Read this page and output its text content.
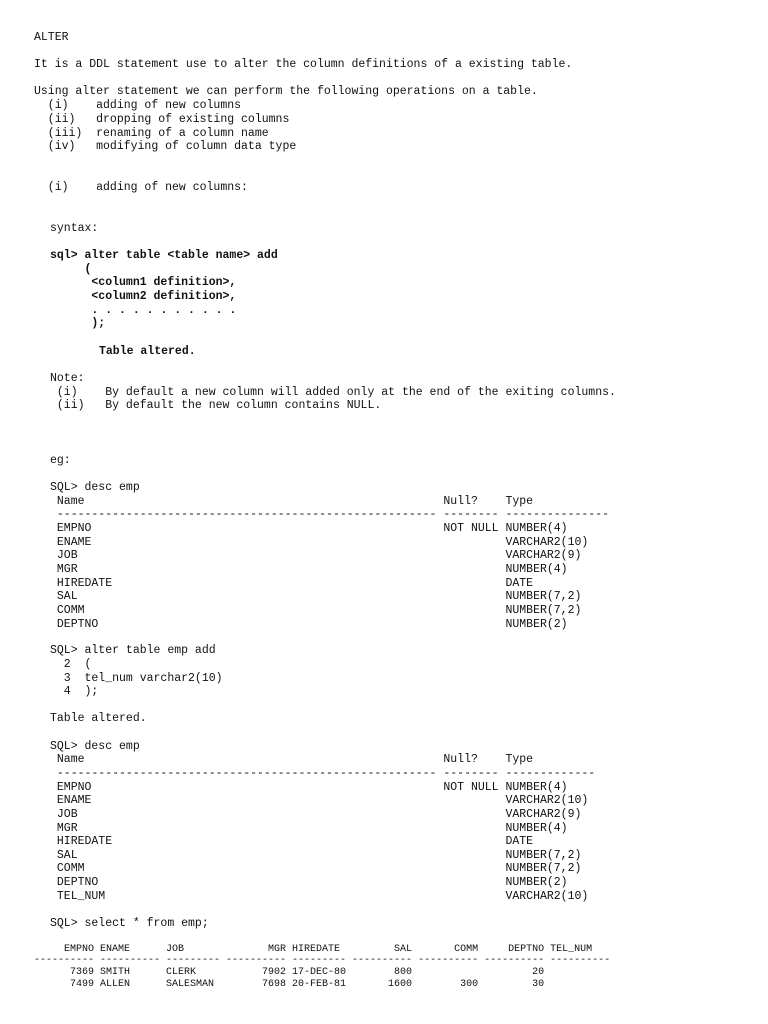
ALTER
It is a DDL statement use to alter the column definitions of a existing table.
Using alter statement we can perform the following operations on a table.
(i)    adding of new columns
(ii)   dropping of existing columns
(iii)  renaming of a column name
(iv)   modifying of column data type
(i)    adding of new columns:
syntax:
sql> alter table <table name> add
(
<column1 definition>,
<column2 definition>,
. . . . . . . . . . .
);
Table altered.
Note:
(i)    By default a new column will added only at the end of the exiting columns.
(ii)   By default the new column contains NULL.
eg:
SQL> desc emp
Name                                                    Null?    Type
------------------------------------------------------- -------- ---------------
EMPNO                                                   NOT NULL NUMBER(4)
ENAME                                                            VARCHAR2(10)
JOB                                                              VARCHAR2(9)
MGR                                                              NUMBER(4)
HIREDATE                                                         DATE
SAL                                                              NUMBER(7,2)
COMM                                                             NUMBER(7,2)
DEPTNO                                                           NUMBER(2)
SQL> alter table emp add
2  (
3  tel_num varchar2(10)
4  );
Table altered.
SQL> desc emp
Name                                                    Null?    Type
------------------------------------------------------- -------- -------------
EMPNO                                                   NOT NULL NUMBER(4)
ENAME                                                            VARCHAR2(10)
JOB                                                              VARCHAR2(9)
MGR                                                              NUMBER(4)
HIREDATE                                                         DATE
SAL                                                              NUMBER(7,2)
COMM                                                             NUMBER(7,2)
DEPTNO                                                           NUMBER(2)
TEL_NUM                                                          VARCHAR2(10)
SQL> select * from emp;
EMPNO ENAME      JOB              MGR HIREDATE         SAL       COMM     DEPTNO TEL_NUM
---------- ---------- --------- ---------- --------- ---------- ---------- ---------- ----------
7369 SMITH      CLERK           7902 17-DEC-80        800                    20
7499 ALLEN      SALESMAN        7698 20-FEB-81       1600        300         30
